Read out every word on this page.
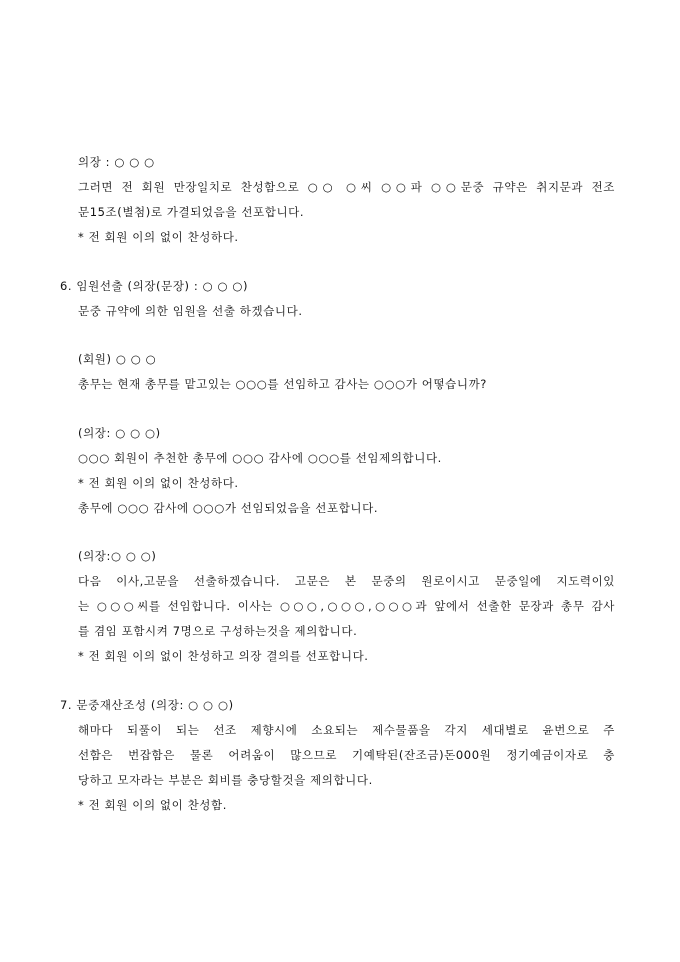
의장 : ○ ○ ○
그러면 전 회원 만장일치로 찬성함으로 ○○ ○씨 ○○파 ○○문중 규약은 취지문과 전조
문15조(별첨)로 가결되었음을 선포합니다.
* 전 회원 이의 없이 찬성하다.
6. 임원선출 (의장(문장) : ○ ○ ○)
문중 규약에 의한 임원을 선출 하겠습니다.
(회원) ○ ○ ○
총무는 현재 총무를 맡고있는 ○○○를 선임하고 감사는 ○○○가 어떻습니까?
(의장: ○ ○ ○)
○○○ 회원이 추천한 총무에 ○○○ 감사에 ○○○를 선임제의합니다.
* 전 회원 이의 없이 찬성하다.
총무에 ○○○ 감사에 ○○○가 선임되었음을 선포합니다.
(의장:○ ○ ○)
다음 이사,고문을 선출하겠습니다. 고문은 본 문중의 원로이시고 문중일에 지도력이있
는 ○○○씨를 선임합니다. 이사는 ○○○,○○○,○○○과 앞에서 선출한 문장과 총무 감사
를 겸임 포함시켜 7명으로 구성하는것을 제의합니다.
* 전 회원 이의 없이 찬성하고 의장 결의를 선포합니다.
7. 문중재산조성 (의장: ○ ○ ○)
해마다 되풀이 되는 선조 제향시에 소요되는 제수물품을 각지 세대별로 윤번으로 주
선함은 번잡함은 물론 어려움이 많으므로 기예탁된(잔조금)돈000원 정기예금이자로 충
당하고 모자라는 부분은 회비를 충당할것을 제의합니다.
* 전 회원 이의 없이 찬성함.
